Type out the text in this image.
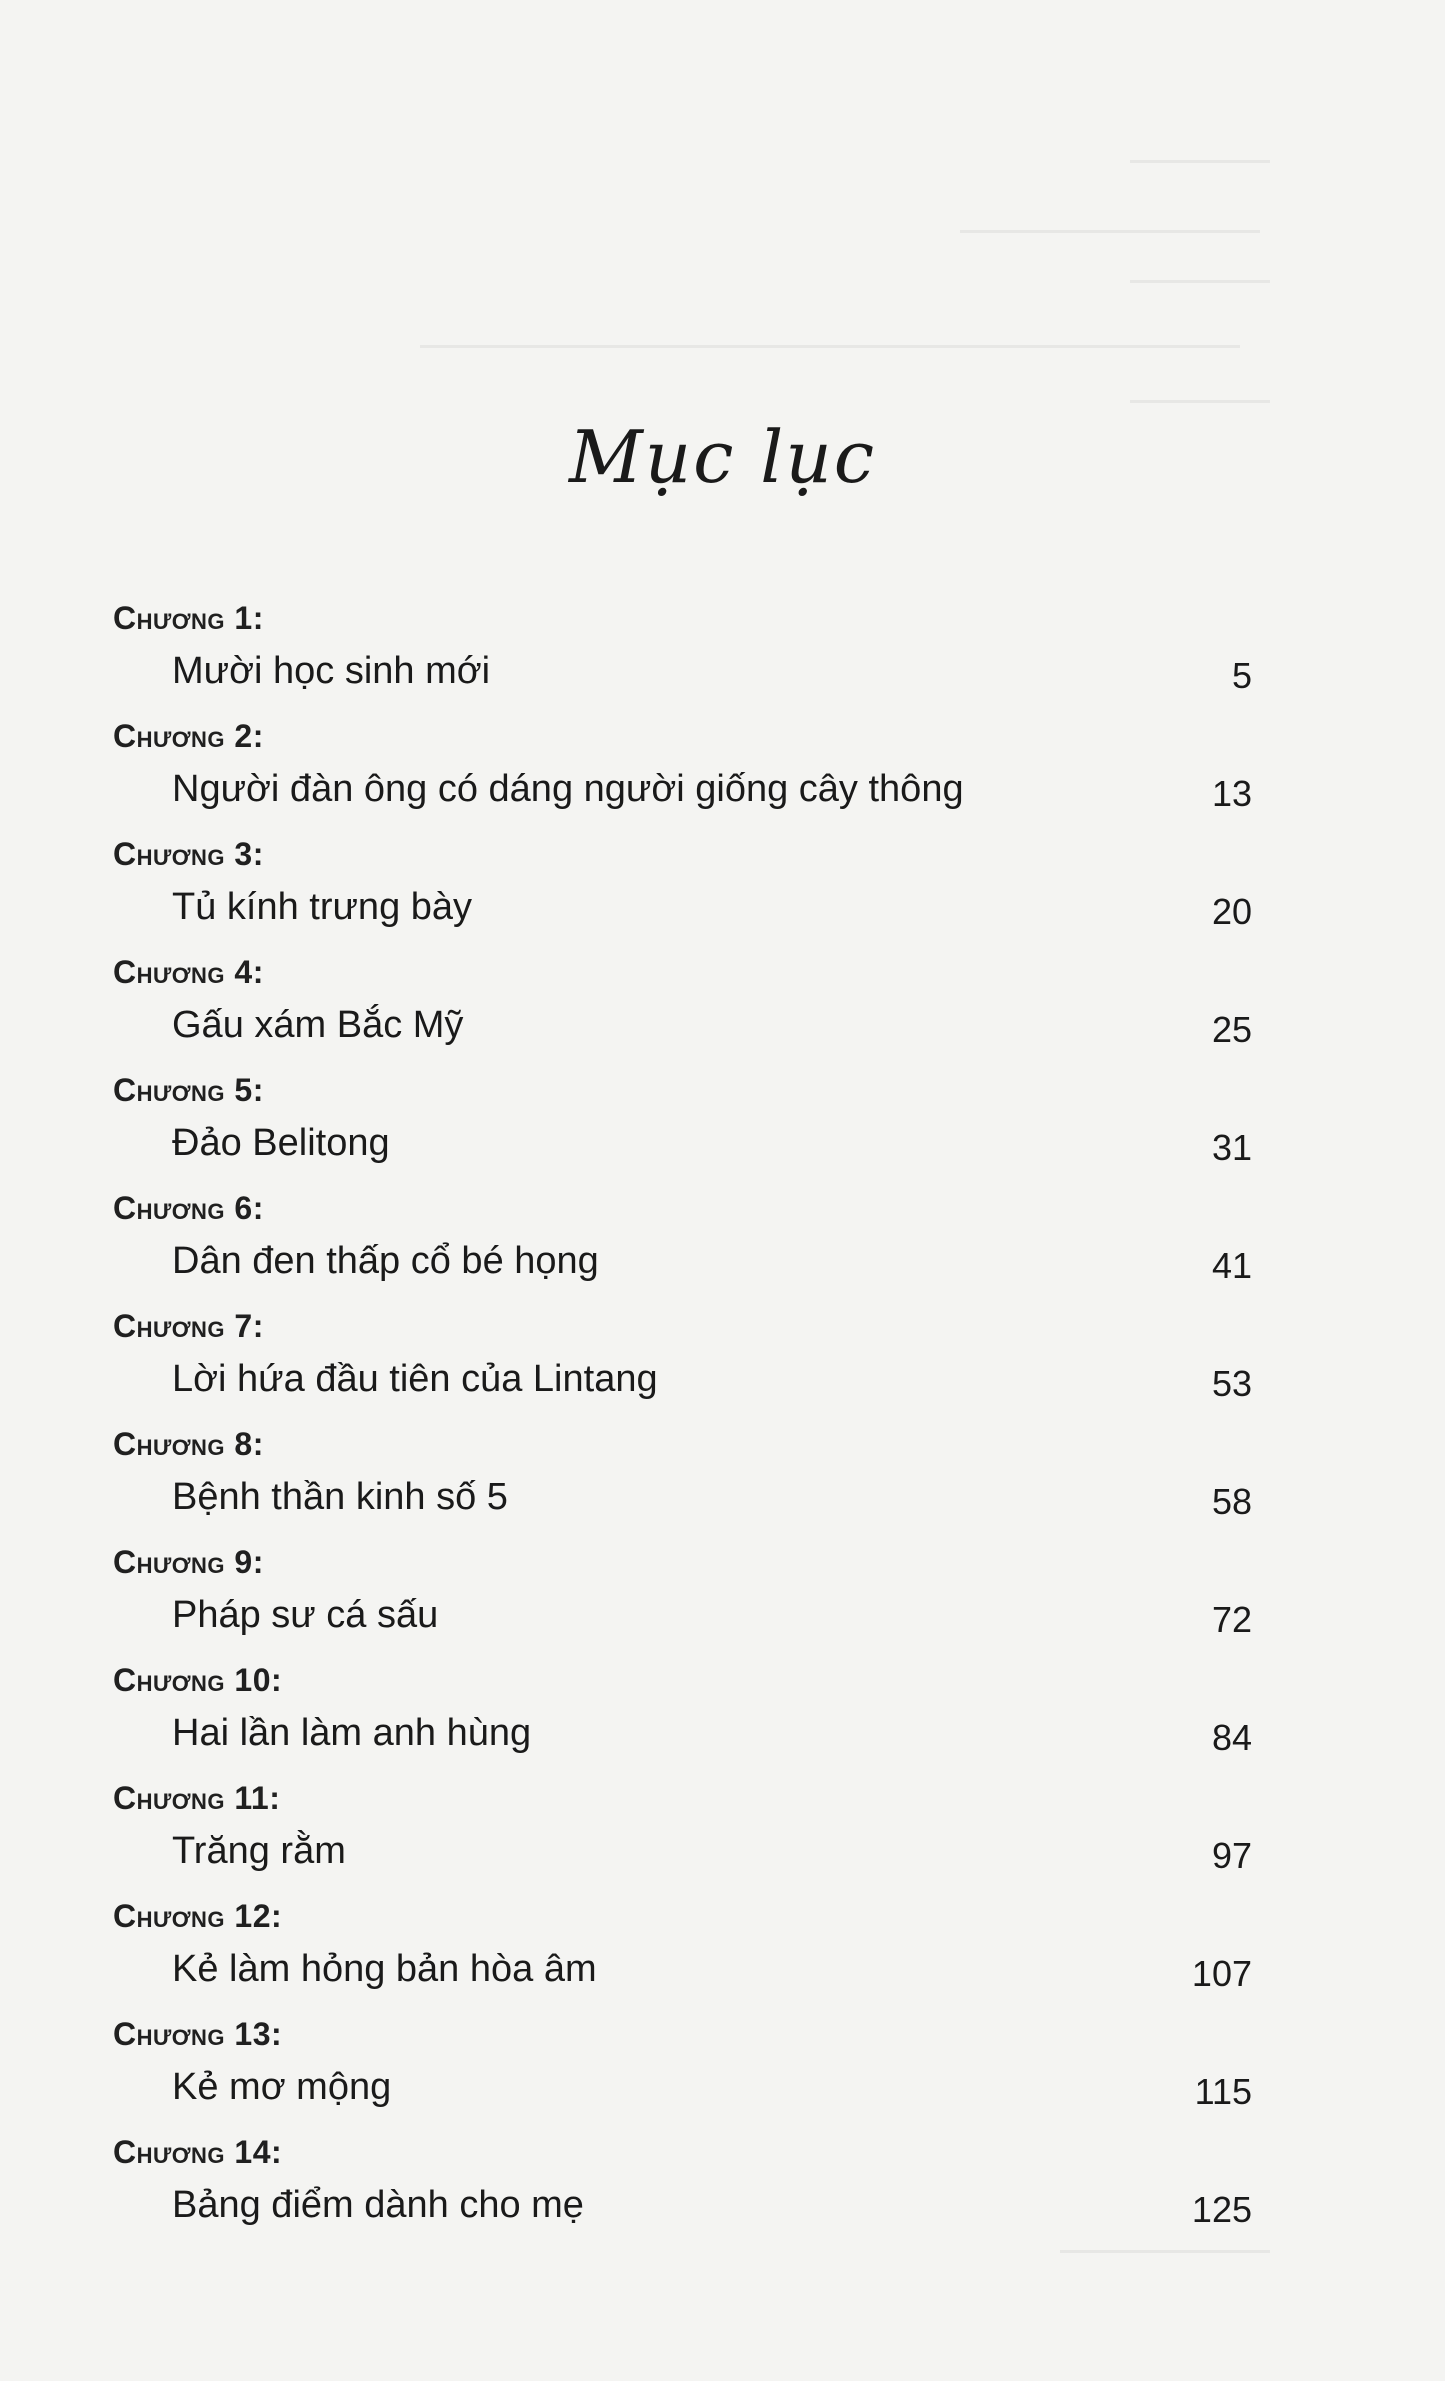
Mục lục
Chương 1:
Mười học sinh mới	5
Chương 2:
Người đàn ông có dáng người giống cây thông	13
Chương 3:
Tủ kính trưng bày	20
Chương 4:
Gấu xám Bắc Mỹ	25
Chương 5:
Đảo Belitong	31
Chương 6:
Dân đen thấp cổ bé họng	41
Chương 7:
Lời hứa đầu tiên của Lintang	53
Chương 8:
Bệnh thần kinh số 5	58
Chương 9:
Pháp sư cá sấu	72
Chương 10:
Hai lần làm anh hùng	84
Chương 11:
Trăng rằm	97
Chương 12:
Kẻ làm hỏng bản hòa âm	107
Chương 13:
Kẻ mơ mộng	115
Chương 14:
Bảng điểm dành cho mẹ	125
